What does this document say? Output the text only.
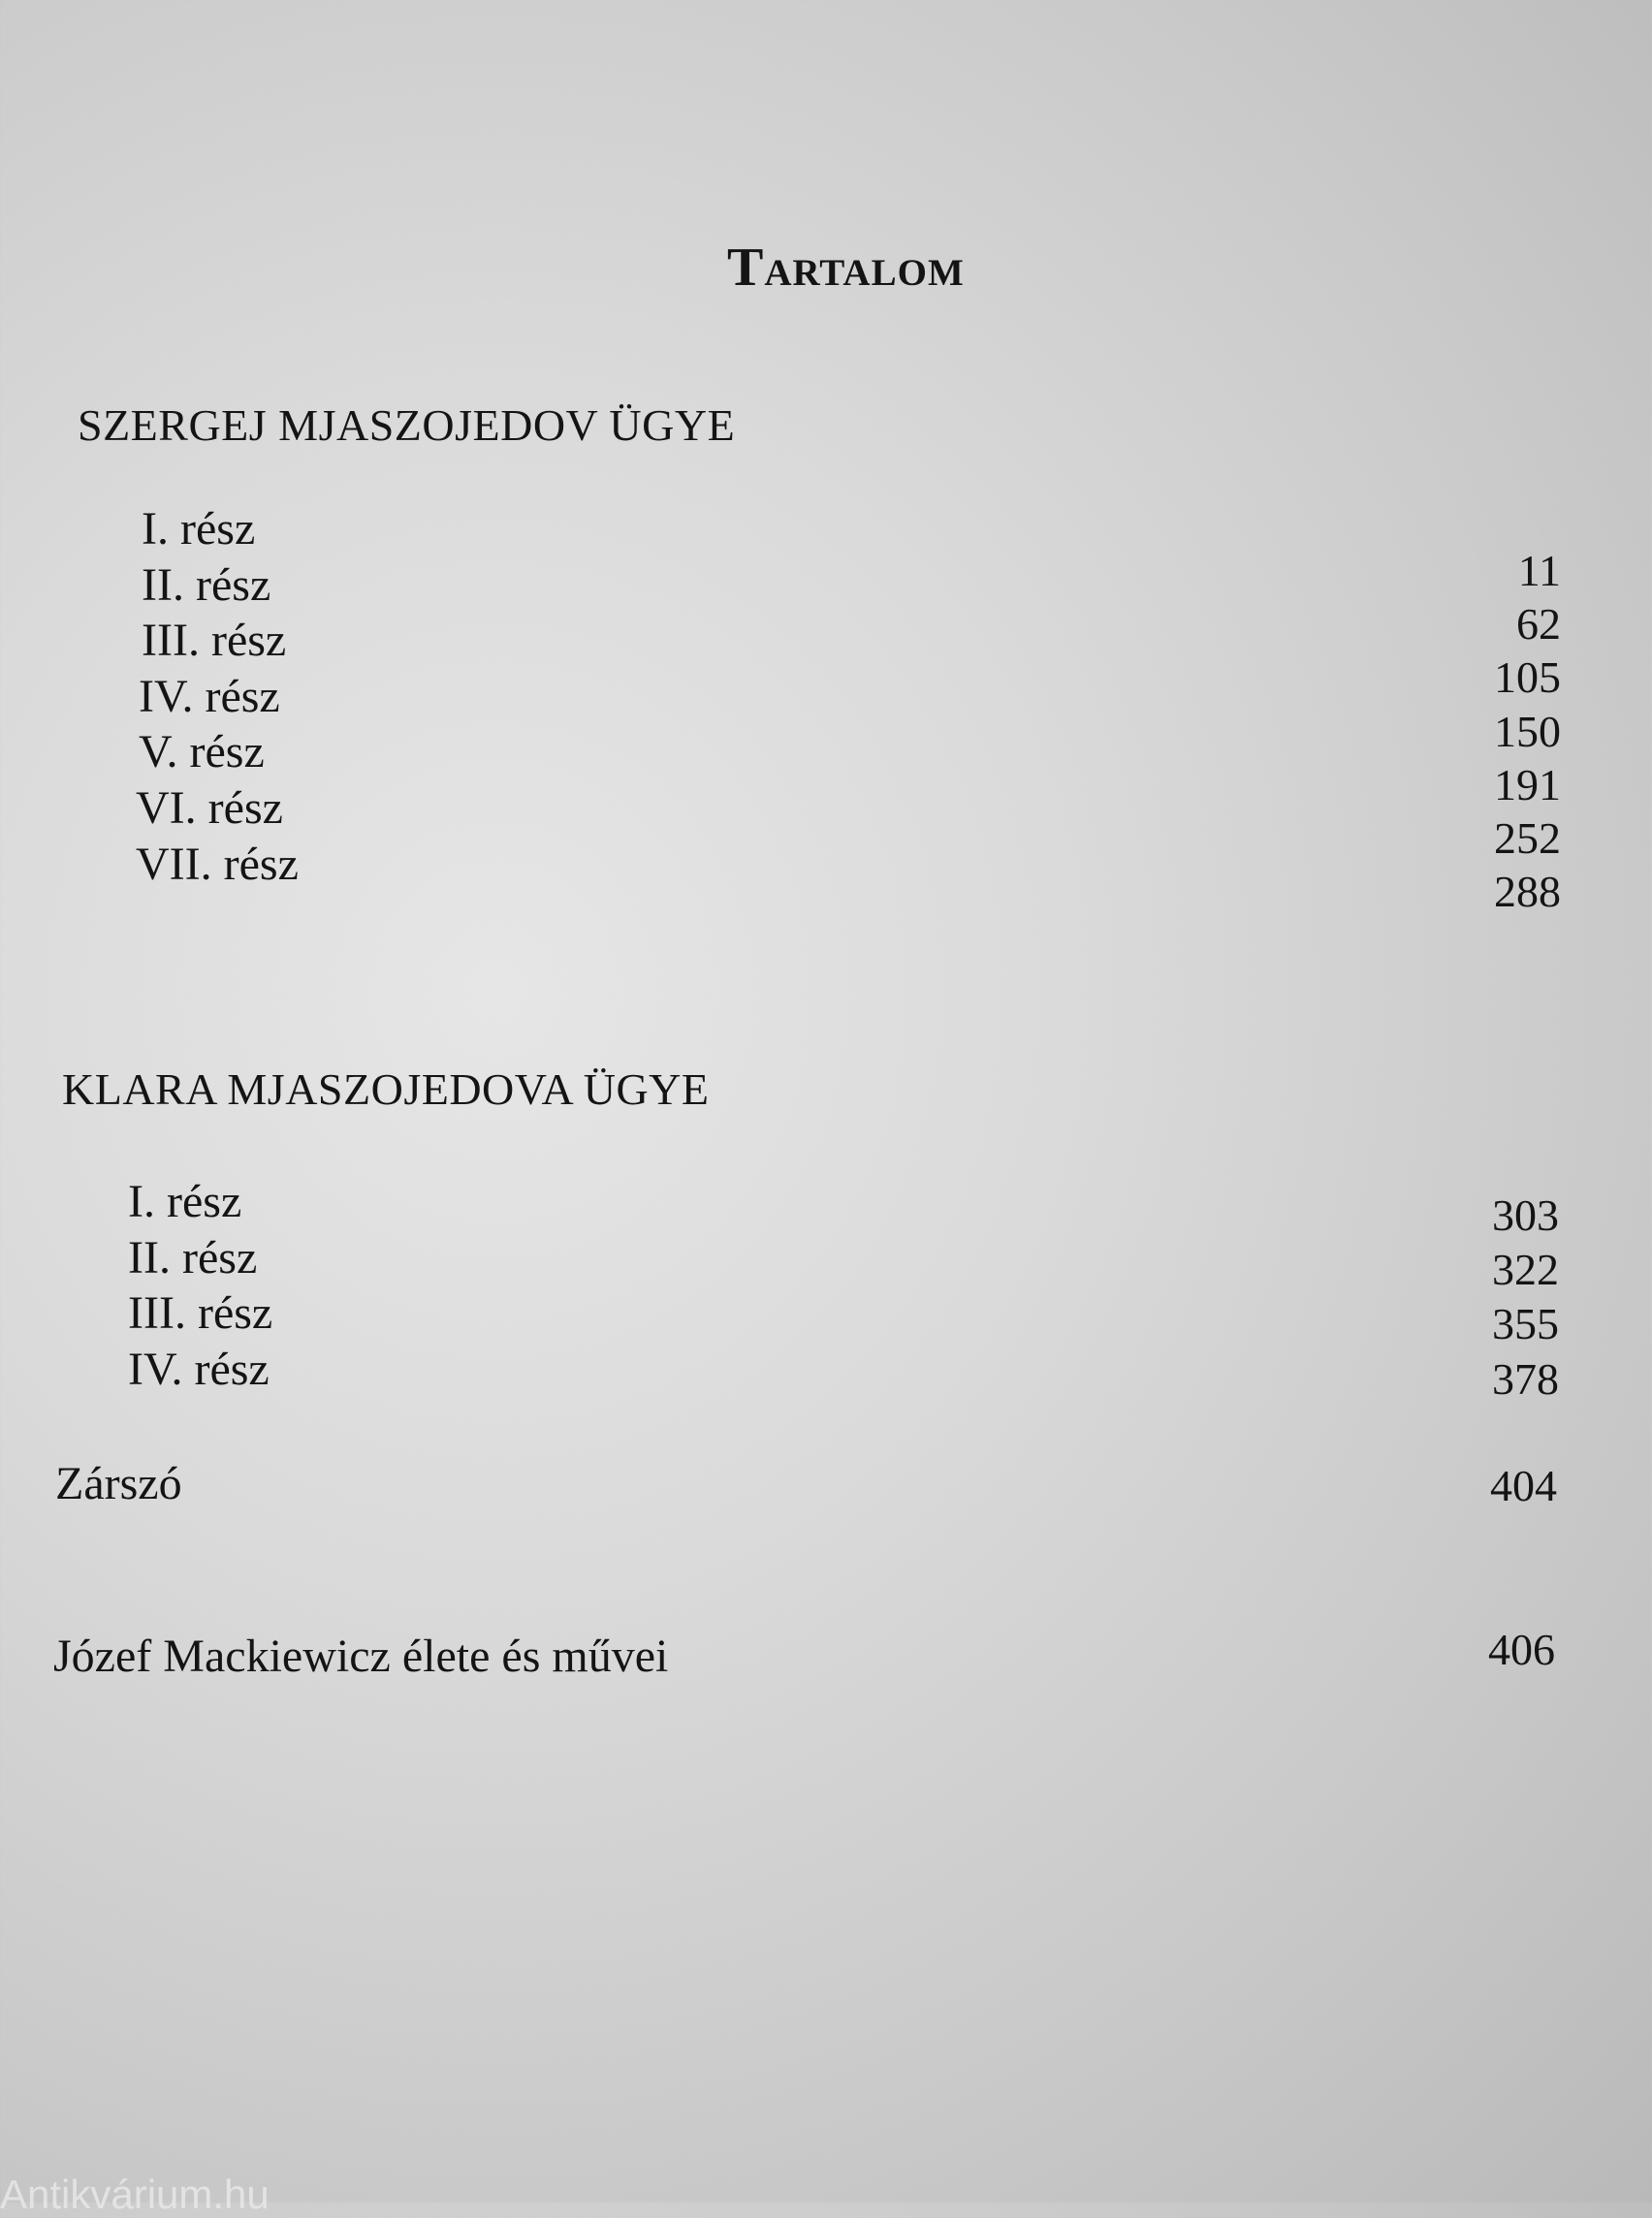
Tartalom
SZERGEJ MJASZOJEDOV ÜGYE
I. rész
II. rész
III. rész
IV. rész
V. rész
VI. rész
VII. rész
11
62
105
150
191
252
288
KLARA MJASZOJEDOVA ÜGYE
I. rész
II. rész
III. rész
IV. rész
303
322
355
378
Zárszó	404
Józef Mackiewicz élete és művei	406
Antikvárium.hu
